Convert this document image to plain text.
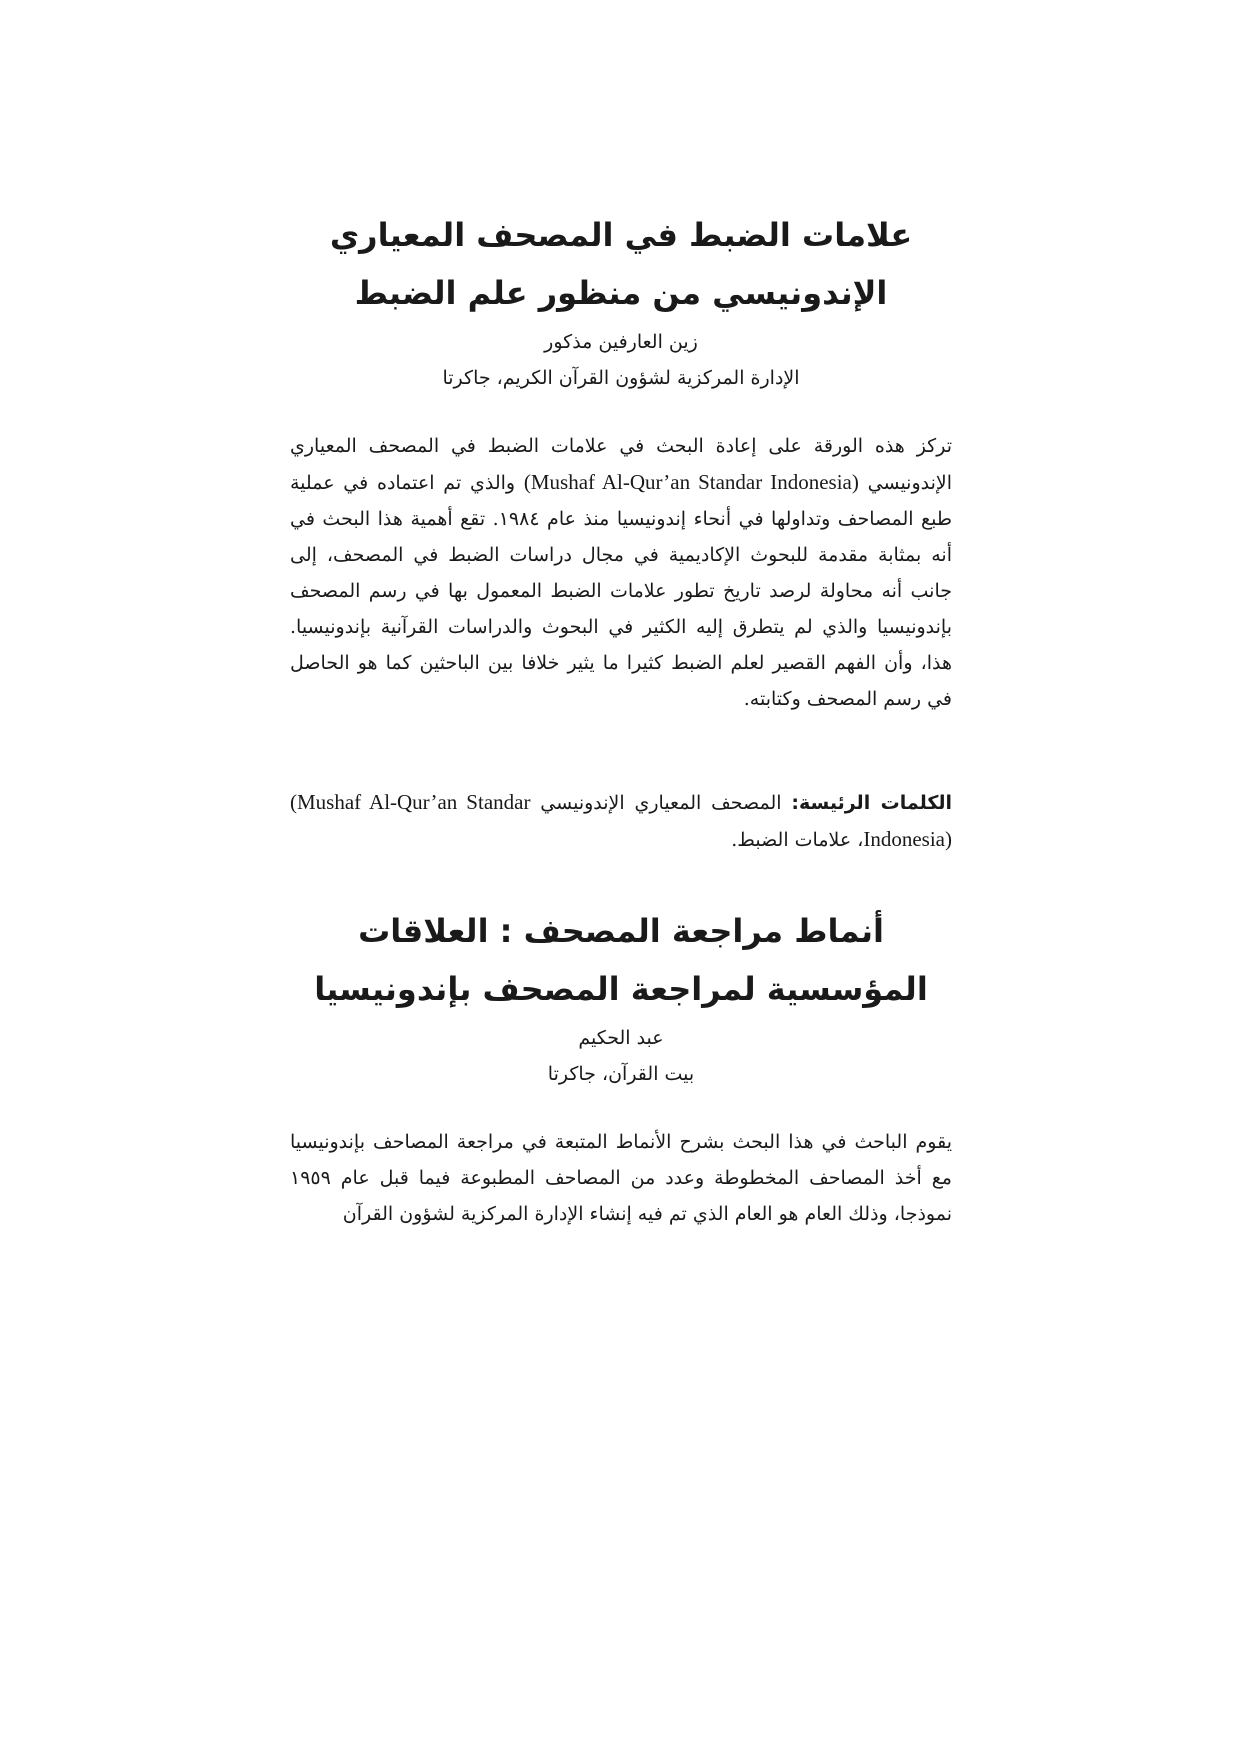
علامات الضبط في المصحف المعياري الإندونيسي من منظور علم الضبط

زين العارفين مذكور

الإدارة المركزية لشؤون القرآن الكريم، جاكرتا

تركز هذه الورقة على إعادة البحث في علامات الضبط في المصحف المعياري الإندونيسي (Mushaf Al-Qur’an Standar Indonesia) والذي تم اعتماده في عملية طبع المصاحف وتداولها في أنحاء إندونيسيا منذ عام ١٩٨٤. تقع أهمية هذا البحث في أنه بمثابة مقدمة للبحوث الإكاديمية في مجال دراسات الضبط في المصحف، إلى جانب أنه محاولة لرصد تاريخ تطور علامات الضبط المعمول بها في رسم المصحف بإندونيسيا والذي لم يتطرق إليه الكثير في البحوث والدراسات القرآنية بإندونيسيا. هذا، وأن الفهم القصير لعلم الضبط كثيرا ما يثير خلافا بين الباحثين كما هو الحاصل في رسم المصحف وكتابته.

الكلمات الرئيسة: المصحف المعياري الإندونيسي (Mushaf Al-Qur’an Standar Indonesia)، علامات الضبط.

أنماط مراجعة المصحف : العلاقات المؤسسية لمراجعة المصحف بإندونيسيا

عبد الحكيم

بيت القرآن، جاكرتا

يقوم الباحث في هذا البحث بشرح الأنماط المتبعة في مراجعة المصاحف بإندونيسيا مع أخذ المصاحف المخطوطة وعدد من المصاحف المطبوعة فيما قبل عام ١٩٥٩ نموذجا، وذلك العام هو العام الذي تم فيه إنشاء الإدارة المركزية لشؤون القرآن
